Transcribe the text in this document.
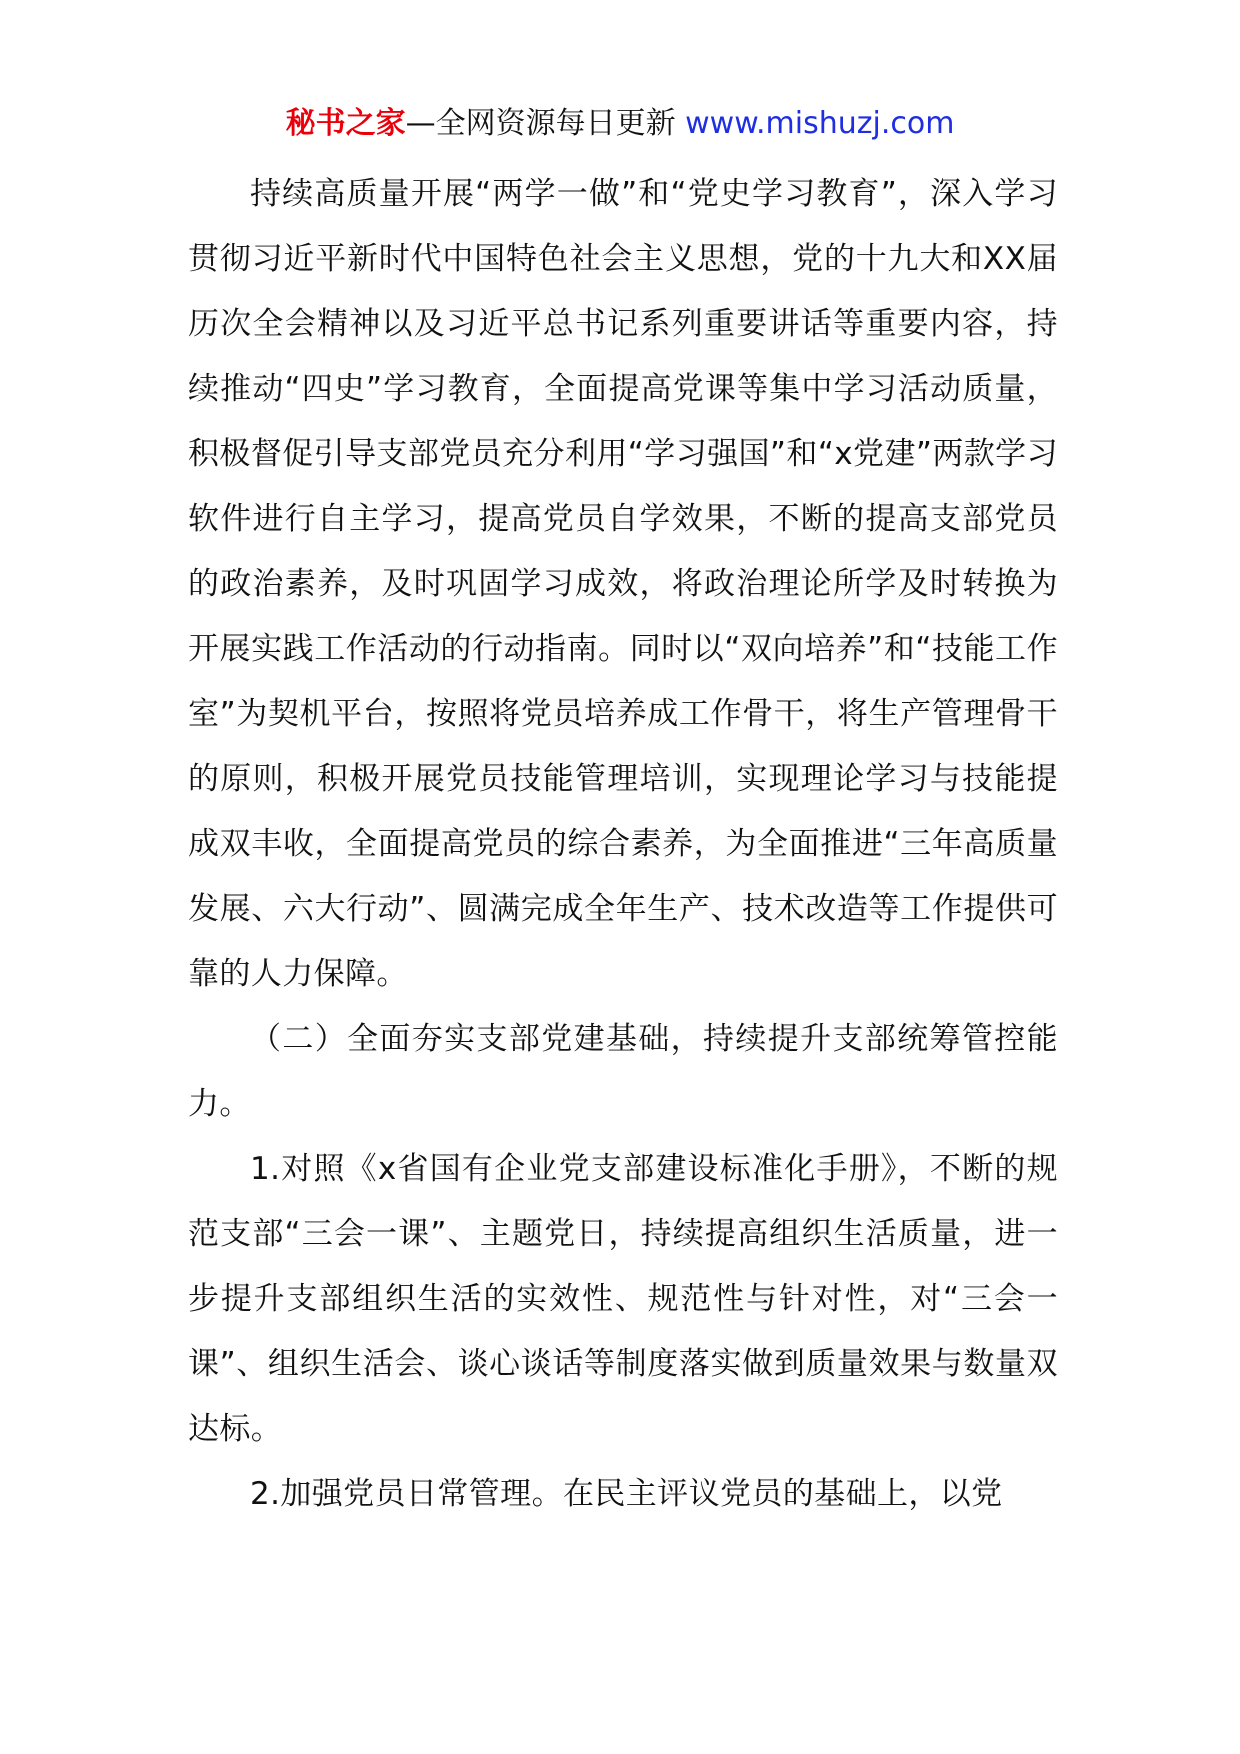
秘书之家—全网资源每日更新 www.mishuzj.com

持续高质量开展“两学一做”和“党史学习教育”，深入学习贯彻习近平新时代中国特色社会主义思想，党的十九大和XX届历次全会精神以及习近平总书记系列重要讲话等重要内容，持续推动“四史”学习教育，全面提高党课等集中学习活动质量，积极督促引导支部党员充分利用“学习强国”和“x党建”两款学习软件进行自主学习，提高党员自学效果，不断的提高支部党员的政治素养，及时巩固学习成效，将政治理论所学及时转换为开展实践工作活动的行动指南。同时以“双向培养”和“技能工作室”为契机平台，按照将党员培养成工作骨干，将生产管理骨干的原则，积极开展党员技能管理培训，实现理论学习与技能提成双丰收，全面提高党员的综合素养，为全面推进“三年高质量发展、六大行动”、圆满完成全年生产、技术改造等工作提供可靠的人力保障。

（二）全面夯实支部党建基础，持续提升支部统筹管控能力。

1.对照《x省国有企业党支部建设标准化手册》，不断的规范支部“三会一课”、主题党日，持续提高组织生活质量，进一步提升支部组织生活的实效性、规范性与针对性，对“三会一课”、组织生活会、谈心谈话等制度落实做到质量效果与数量双达标。

2.加强党员日常管理。在民主评议党员的基础上，以党
